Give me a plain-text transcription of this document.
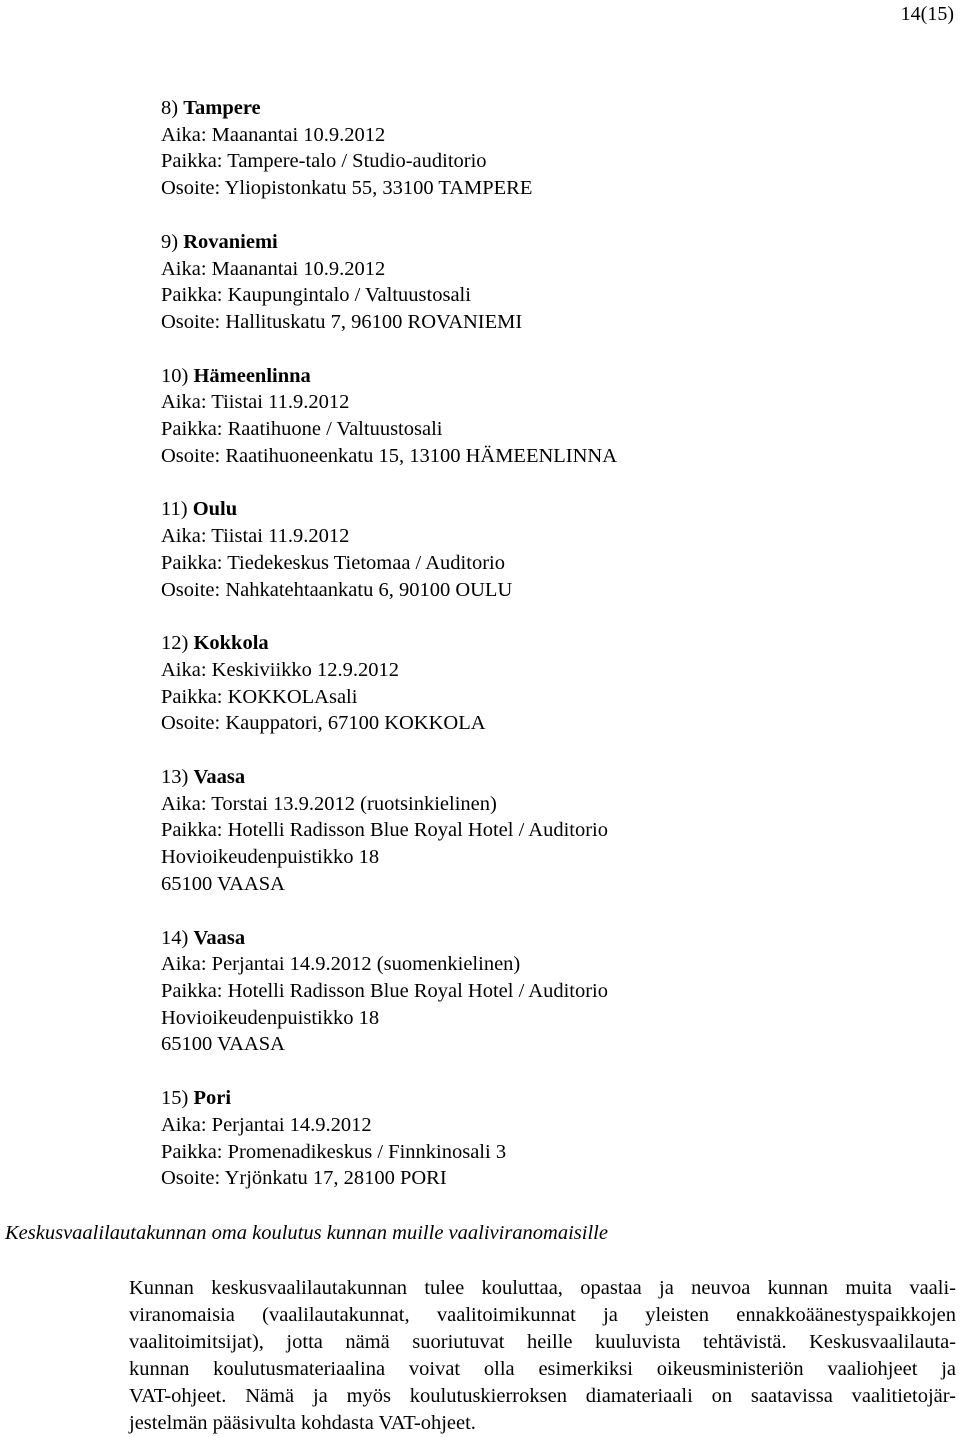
14(15)
8) Tampere
Aika: Maanantai 10.9.2012
Paikka: Tampere-talo / Studio-auditorio
Osoite: Yliopistonkatu 55, 33100 TAMPERE
9) Rovaniemi
Aika: Maanantai 10.9.2012
Paikka: Kaupungintalo / Valtuustosali
Osoite: Hallituskatu 7, 96100 ROVANIEMI
10) Hämeenlinna
Aika: Tiistai 11.9.2012
Paikka: Raatihuone / Valtuustosali
Osoite: Raatihuoneenkatu 15, 13100 HÄMEENLINNA
11) Oulu
Aika: Tiistai 11.9.2012
Paikka: Tiedekeskus Tietomaa / Auditorio
Osoite: Nahkatehtaankatu 6, 90100 OULU
12) Kokkola
Aika: Keskiviikko 12.9.2012
Paikka: KOKKOLAsali
Osoite: Kauppatori, 67100 KOKKOLA
13) Vaasa
Aika: Torstai 13.9.2012 (ruotsinkielinen)
Paikka: Hotelli Radisson Blue Royal Hotel / Auditorio
Hovioikeudenpuistikko 18
65100 VAASA
14) Vaasa
Aika: Perjantai 14.9.2012 (suomenkielinen)
Paikka: Hotelli Radisson Blue Royal Hotel / Auditorio
Hovioikeudenpuistikko 18
65100 VAASA
15) Pori
Aika: Perjantai 14.9.2012
Paikka: Promenadikeskus / Finnkinosali 3
Osoite: Yrjönkatu 17, 28100 PORI
Keskusvaalilautakunnan oma koulutus kunnan muille vaaliviranomaisille
Kunnan keskusvaalilautakunnan tulee kouluttaa, opastaa ja neuvoa kunnan muita vaali-
viranomaisia (vaalilautakunnat, vaalitoimikunnat ja yleisten ennakkoäänestyspaikkojen
vaalitoimitsijat), jotta nämä suoriutuvat heille kuuluvista tehtävistä. Keskusvaalilauta-
kunnan koulutusmateriaalina voivat olla esimerkiksi oikeusministeriön vaaliohjeet ja
VAT-ohjeet. Nämä ja myös koulutuskierroksen diamateriaali on saatavissa vaalitietojär-
jestelmän pääsivulta kohdasta VAT-ohjeet.
